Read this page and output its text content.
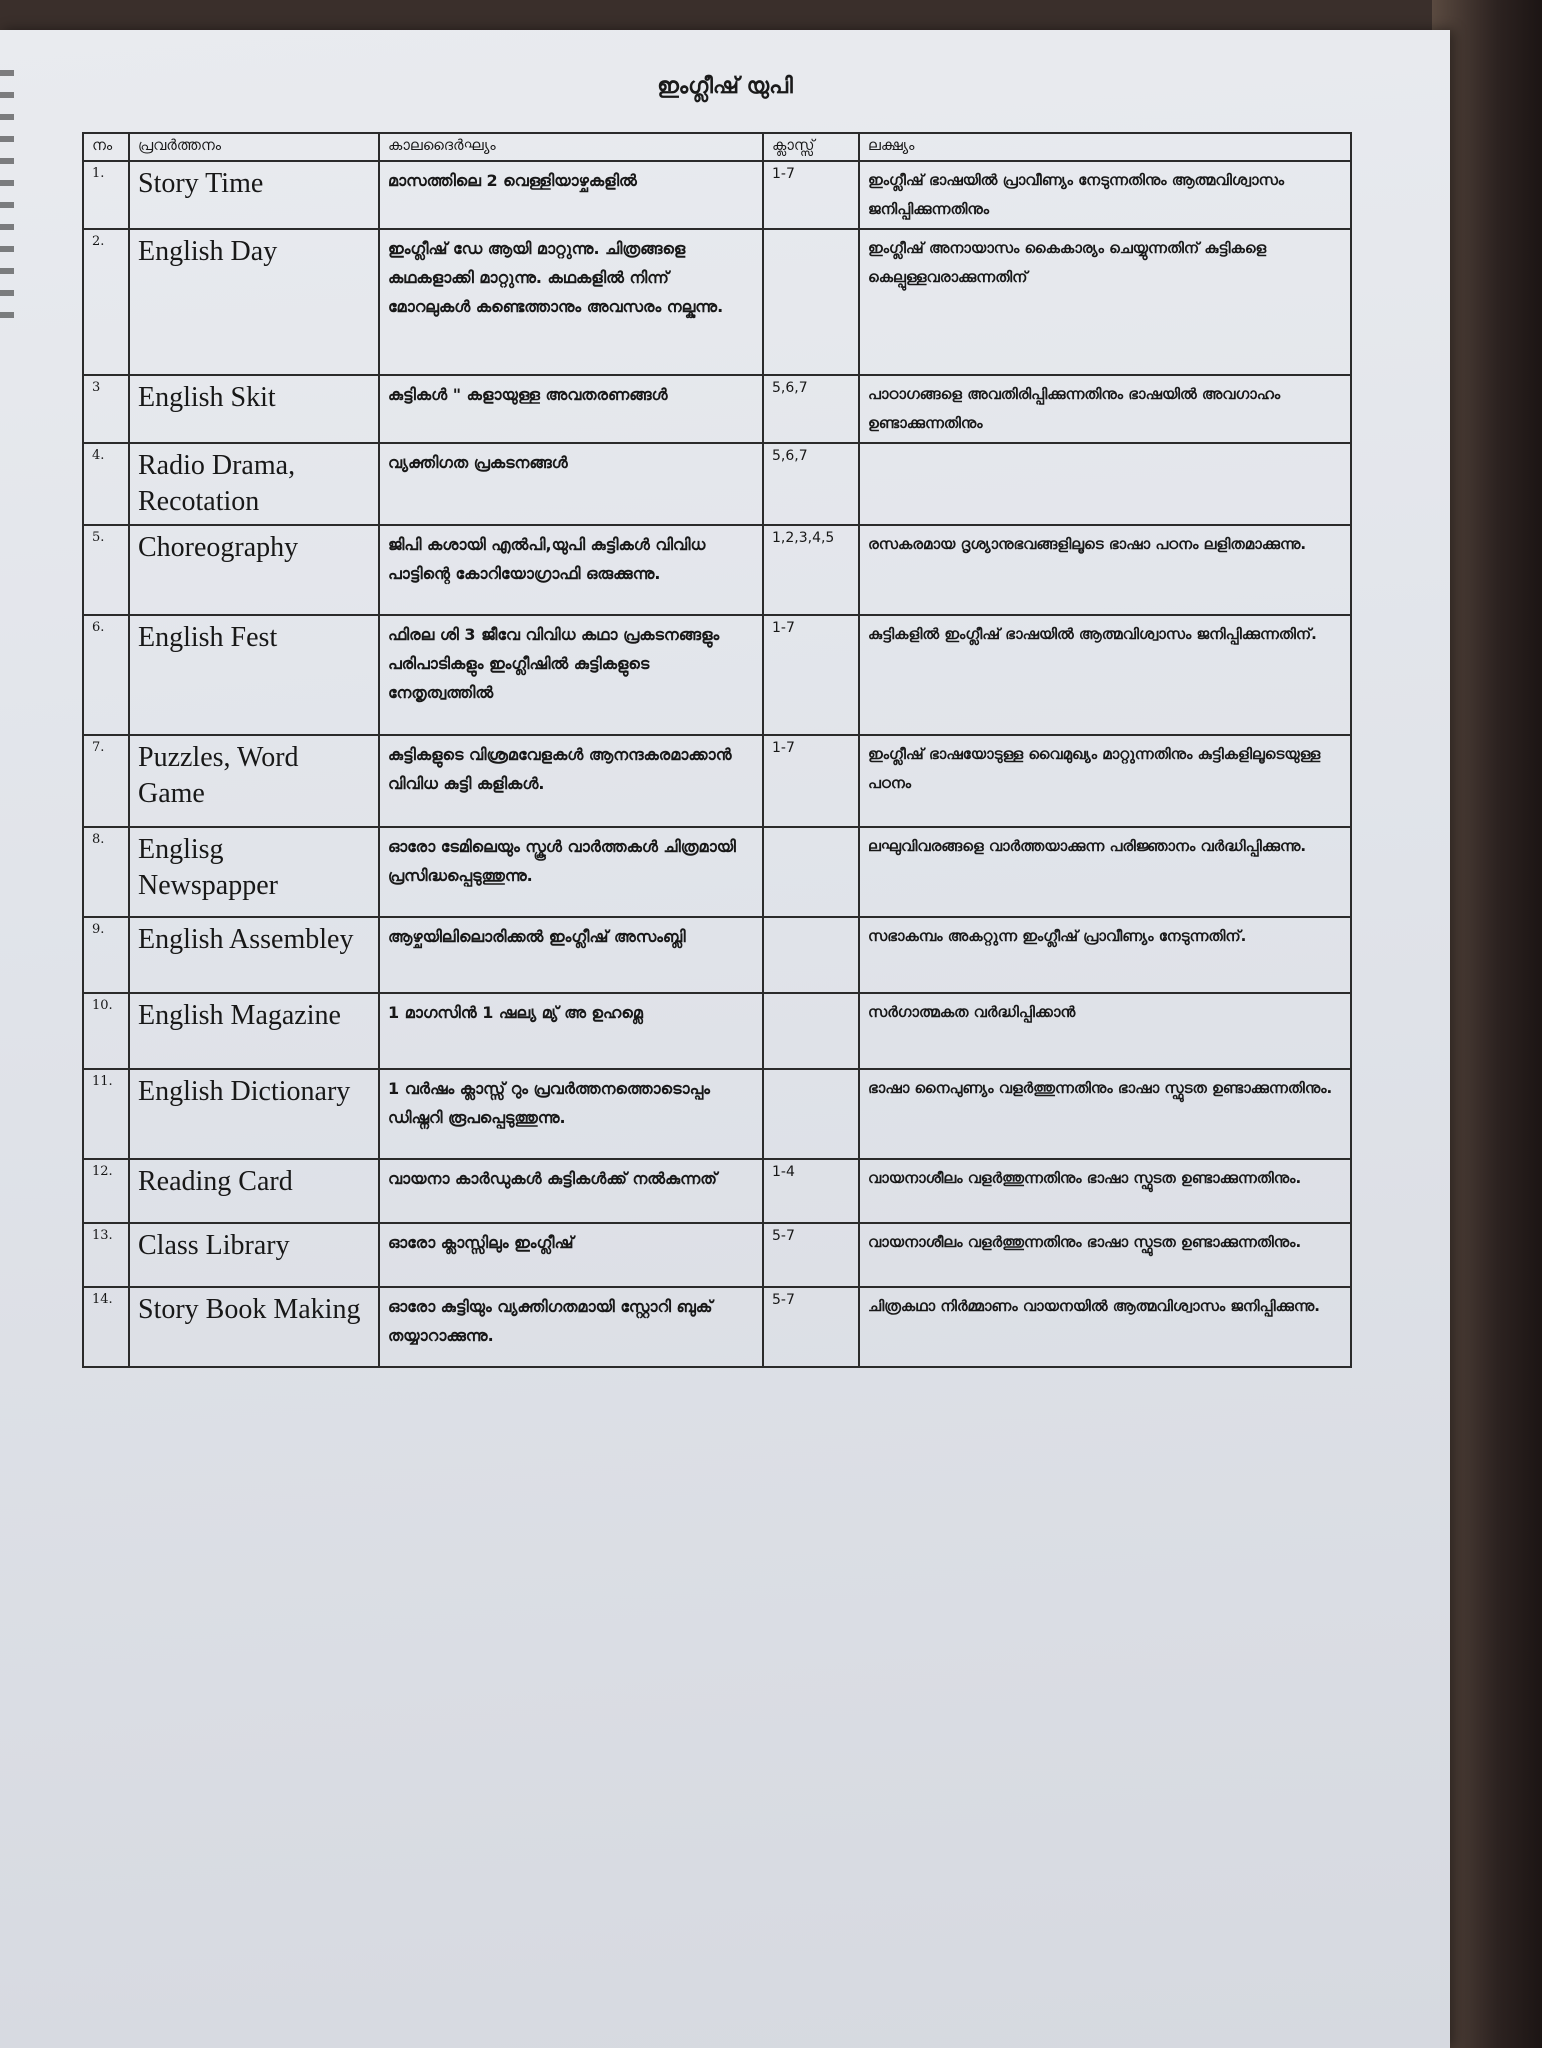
ഇംഗ്ലീഷ് യുപി
നം	പ്രവർത്തനം	കാലദൈർഘ്യം	ക്ലാസ്സ്	ലക്ഷ്യം
1.	Story Time	മാസത്തിലെ 2 വെള്ളിയാഴ്ചകളിൽ	1-7	ഇംഗ്ലീഷ് ഭാഷയിൽ പ്രാവീണ്യം നേടുന്നതിനും ആത്മവിശ്വാസം ജനിപ്പിക്കുന്നതിനും
2.	English Day	ഇംഗ്ലീഷ് ഡേ ആയി മാറ്റുന്നു. ചിത്രങ്ങളെ കഥകളാക്കി മാറ്റുന്നു. കഥകളിൽ നിന്ന് മോറലുകൾ കണ്ടെത്താനും അവസരം നല്കുന്നു.		ഇംഗ്ലീഷ് അനായാസം കൈകാര്യം ചെയ്യുന്നതിന് കുട്ടികളെ കെല്പുള്ളവരാക്കുന്നതിന്
3	English Skit	കുട്ടികൾ " കളായുള്ള അവതരണങ്ങൾ	5,6,7	പാഠാഗങ്ങളെ അവതിരിപ്പിക്കുന്നതിനും ഭാഷയിൽ അവഗാഹം ഉണ്ടാക്കുന്നതിനും
4.	Radio Drama, Recotation	വ്യക്തിഗത പ്രകടനങ്ങൾ	5,6,7	
5.	Choreography	ജിപി കശായി എൽപി,യുപി കുട്ടികൾ വിവിധ പാട്ടിന്റെ കോറിയോഗ്രാഫി ഒരുക്കുന്നു.	1,2,3,4,5	രസകരമായ ദൃശ്യാനുഭവങ്ങളിലൂടെ ഭാഷാ പഠനം ലളിതമാക്കുന്നു.
6.	English Fest	ഫിരല ശി 3 ജീവേ വിവിധ കഥാ പ്രകടനങ്ങളും പരിപാടികളും ഇംഗ്ലീഷിൽ കുട്ടികളുടെ നേതൃത്വത്തിൽ	1-7	കുട്ടികളിൽ ഇംഗ്ലീഷ് ഭാഷയിൽ ആത്മവിശ്വാസം ജനിപ്പിക്കുന്നതിന്.
7.	Puzzles, Word Game	കുട്ടികളുടെ വിശ്രമവേളകൾ ആനന്ദകരമാക്കാൻ വിവിധ കുട്ടി കളികൾ.	1-7	ഇംഗ്ലീഷ് ഭാഷയോടുള്ള വൈമുഖ്യം മാറ്റുന്നതിനും കുട്ടികളിലൂടെയുള്ള പഠനം
8.	Englisg Newspapper	ഓരോ ടേമിലെയും സ്കൂൾ വാർത്തകൾ ചിത്രമായി പ്രസിദ്ധപ്പെടുത്തുന്നു.		ലഘുവിവരങ്ങളെ വാർത്തയാക്കുന്ന പരിജ്ഞാനം വർദ്ധിപ്പിക്കുന്നു.
9.	English Assembley	ആഴ്ചയിലിലൊരിക്കൽ ഇംഗ്ലീഷ് അസംബ്ലി		സഭാകമ്പം അകറ്റുന്ന ഇംഗ്ലീഷ് പ്രാവീണ്യം നേടുന്നതിന്.
10.	English Magazine	1 മാഗസിൻ 1 ഷല്യ മ്യ് അ ഉഹമ്ലെ		സർഗാത്മകത വർദ്ധിപ്പിക്കാൻ
11.	English Dictionary	1 വർഷം ക്ലാസ്സ് റും പ്രവർത്തനത്തൊടൊപ്പം ഡിഷ്നറി രൂപപ്പെടുത്തുന്നു.		ഭാഷാ നൈപുണ്യം വളർത്തുന്നതിനും ഭാഷാ സ്ഫുടത ഉണ്ടാക്കുന്നതിനും.
12.	Reading Card	വായനാ കാർഡുകൾ കുട്ടികൾക്ക് നൽകുന്നത്	1-4	വായനാശീലം വളർത്തുന്നതിനും ഭാഷാ സ്ഫുടത ഉണ്ടാക്കുന്നതിനും.
13.	Class Library	ഓരോ ക്ലാസ്സിലും ഇംഗ്ലീഷ്	5-7	വായനാശീലം വളർത്തുന്നതിനും ഭാഷാ സ്ഫുടത ഉണ്ടാക്കുന്നതിനും.
14.	Story Book Making	ഓരോ കുട്ടിയും വ്യക്തിഗതമായി സ്റ്റോറി ബുക് തയ്യാറാക്കുന്നു.	5-7	ചിത്രകഥാ നിർമ്മാണം വായനയിൽ ആത്മവിശ്വാസം ജനിപ്പിക്കുന്നു.
